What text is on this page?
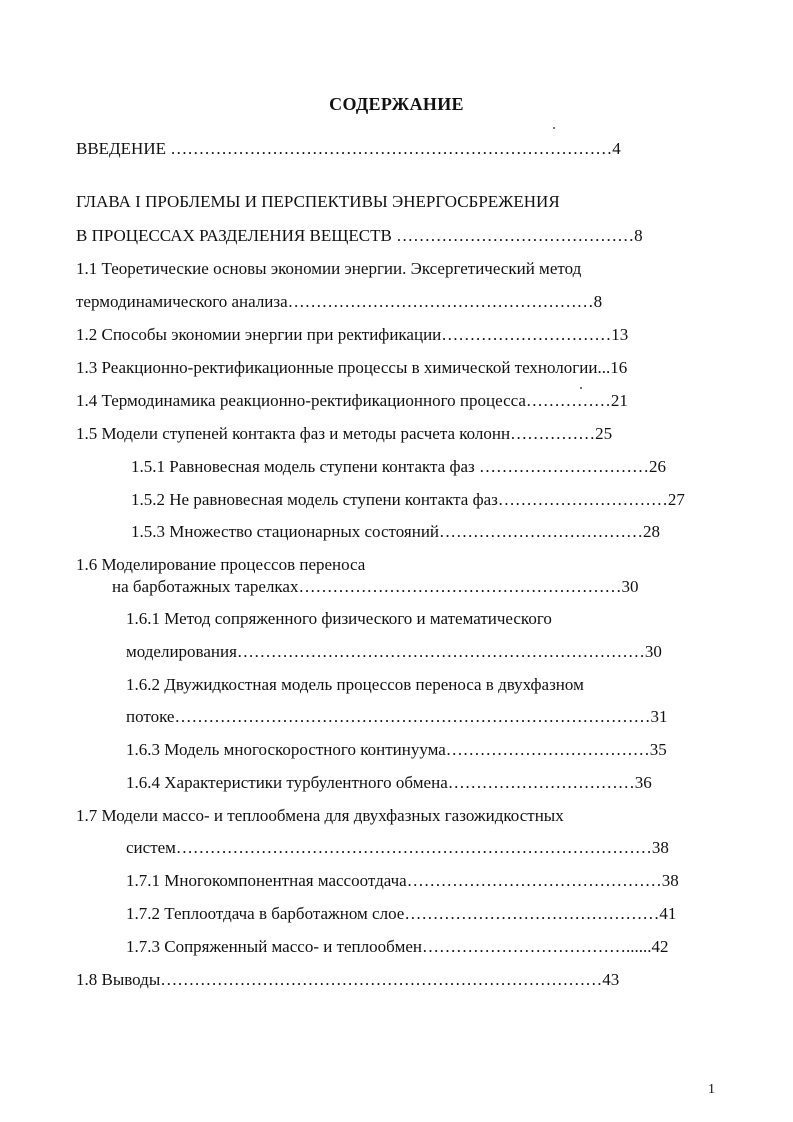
СОДЕРЖАНИЕ
ВВЕДЕНИЕ ……………………………………………………………………4
ГЛАВА I ПРОБЛЕМЫ И ПЕРСПЕКТИВЫ ЭНЕРГОСБРЕЖЕНИЯ
В ПРОЦЕССАХ РАЗДЕЛЕНИЯ ВЕЩЕСТВ ……………………………………8
1.1 Теоретические основы экономии энергии. Эксергетический метод
термодинамического анализа………………………………………………8
1.2 Способы экономии энергии при ректификации…………………………13
1.3 Реакционно-ректификационные процессы в химической технологии...16
1.4 Термодинамика реакционно-ректификационного процесса……………21
1.5 Модели ступеней контакта фаз и методы расчета колонн……………25
1.5.1 Равновесная модель ступени контакта фаз …………………………26
1.5.2 Не равновесная модель ступени контакта фаз…………………………27
1.5.3 Множество стационарных состояний………………………………28
1.6 Моделирование процессов переноса
на барботажных тарелках…………………………………………………30
1.6.1 Метод сопряженного физического и математического
моделирования………………………………………………………………30
1.6.2 Двужидкостная модель процессов переноса в двухфазном
потоке…………………………………………………………………………31
1.6.3 Модель многоскоростного континуума………………………………35
1.6.4 Характеристики турбулентного обмена……………………………36
1.7 Модели массо- и теплообмена для двухфазных газожидкостных
систем…………………………………………………………………………38
1.7.1 Многокомпонентная массоотдача………………………………………38
1.7.2 Теплоотдача в барботажном слое………………………………………41
1.7.3 Сопряженный массо- и теплообмен………………………………......42
1.8 Выводы……………………………………………………………………43
1
